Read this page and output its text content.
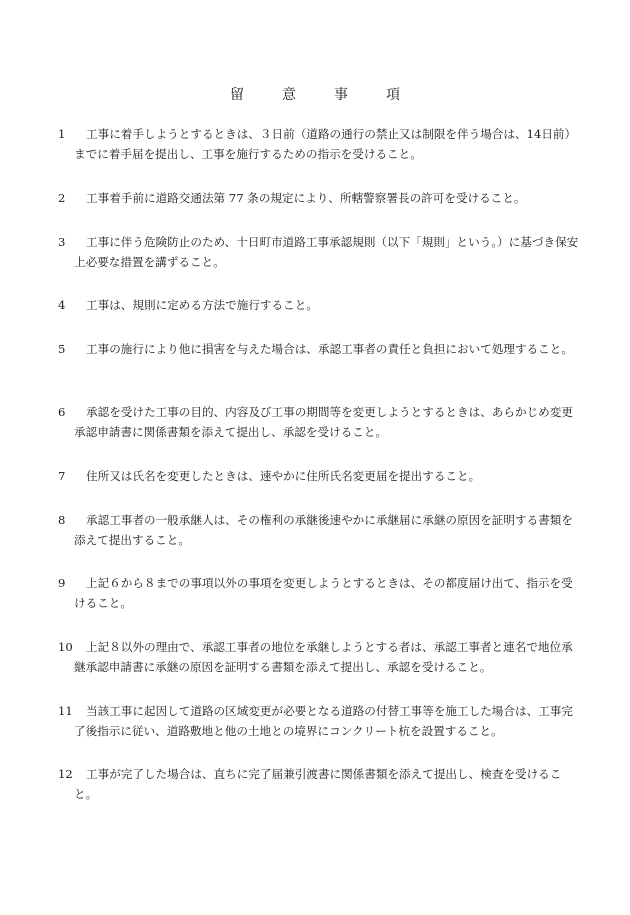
留　意　事　項
1 工事に着手しようとするときは、３日前（道路の通行の禁止又は制限を伴う場合は、14日前）までに着手届を提出し、工事を施行するための指示を受けること。
2 工事着手前に道路交通法第 77 条の規定により、所轄警察署長の許可を受けること。
3 工事に伴う危険防止のため、十日町市道路工事承認規則（以下「規則」という。）に基づき保安上必要な措置を講ずること。
4 工事は、規則に定める方法で施行すること。
5 工事の施行により他に損害を与えた場合は、承認工事者の責任と負担において処理すること。
6 承認を受けた工事の目的、内容及び工事の期間等を変更しようとするときは、あらかじめ変更承認申請書に関係書類を添えて提出し、承認を受けること。
7 住所又は氏名を変更したときは、速やかに住所氏名変更届を提出すること。
8 承認工事者の一般承継人は、その権利の承継後速やかに承継届に承継の原因を証明する書類を添えて提出すること。
9 上記６から８までの事項以外の事項を変更しようとするときは、その都度届け出て、指示を受けること。
10 上記８以外の理由で、承認工事者の地位を承継しようとする者は、承認工事者と連名で地位承継承認申請書に承継の原因を証明する書類を添えて提出し、承認を受けること。
11 当該工事に起因して道路の区域変更が必要となる道路の付替工事等を施工した場合は、工事完了後指示に従い、道路敷地と他の土地との境界にコンクリート杭を設置すること。
12 工事が完了した場合は、直ちに完了届兼引渡書に関係書類を添えて提出し、検査を受けること。
